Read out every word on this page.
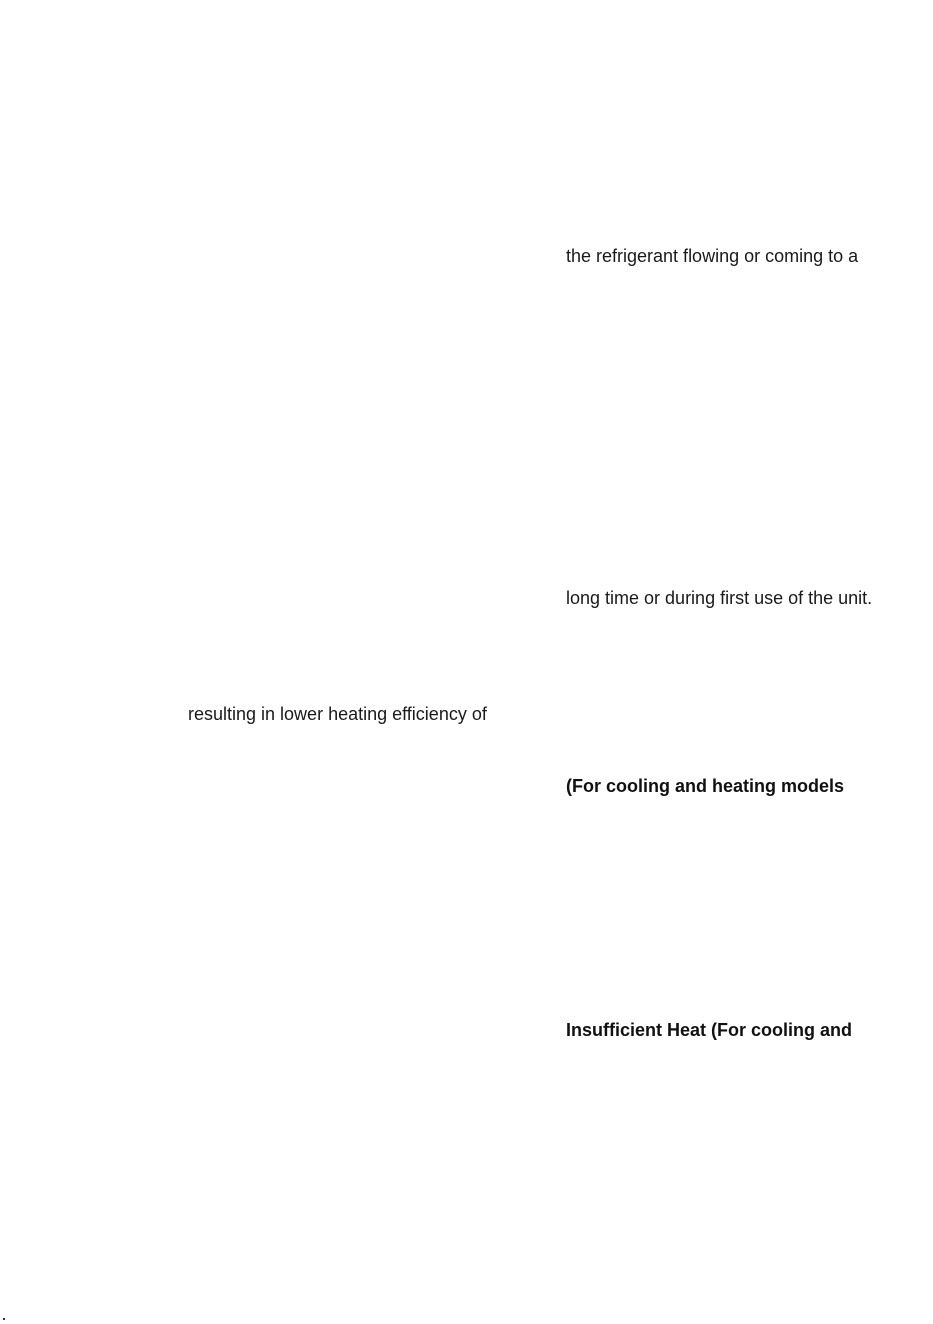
the refrigerant flowing or coming to a
long time or during first use of the unit.
resulting in lower heating efficiency of
(For cooling and heating models
Insufficient Heat (For cooling and
